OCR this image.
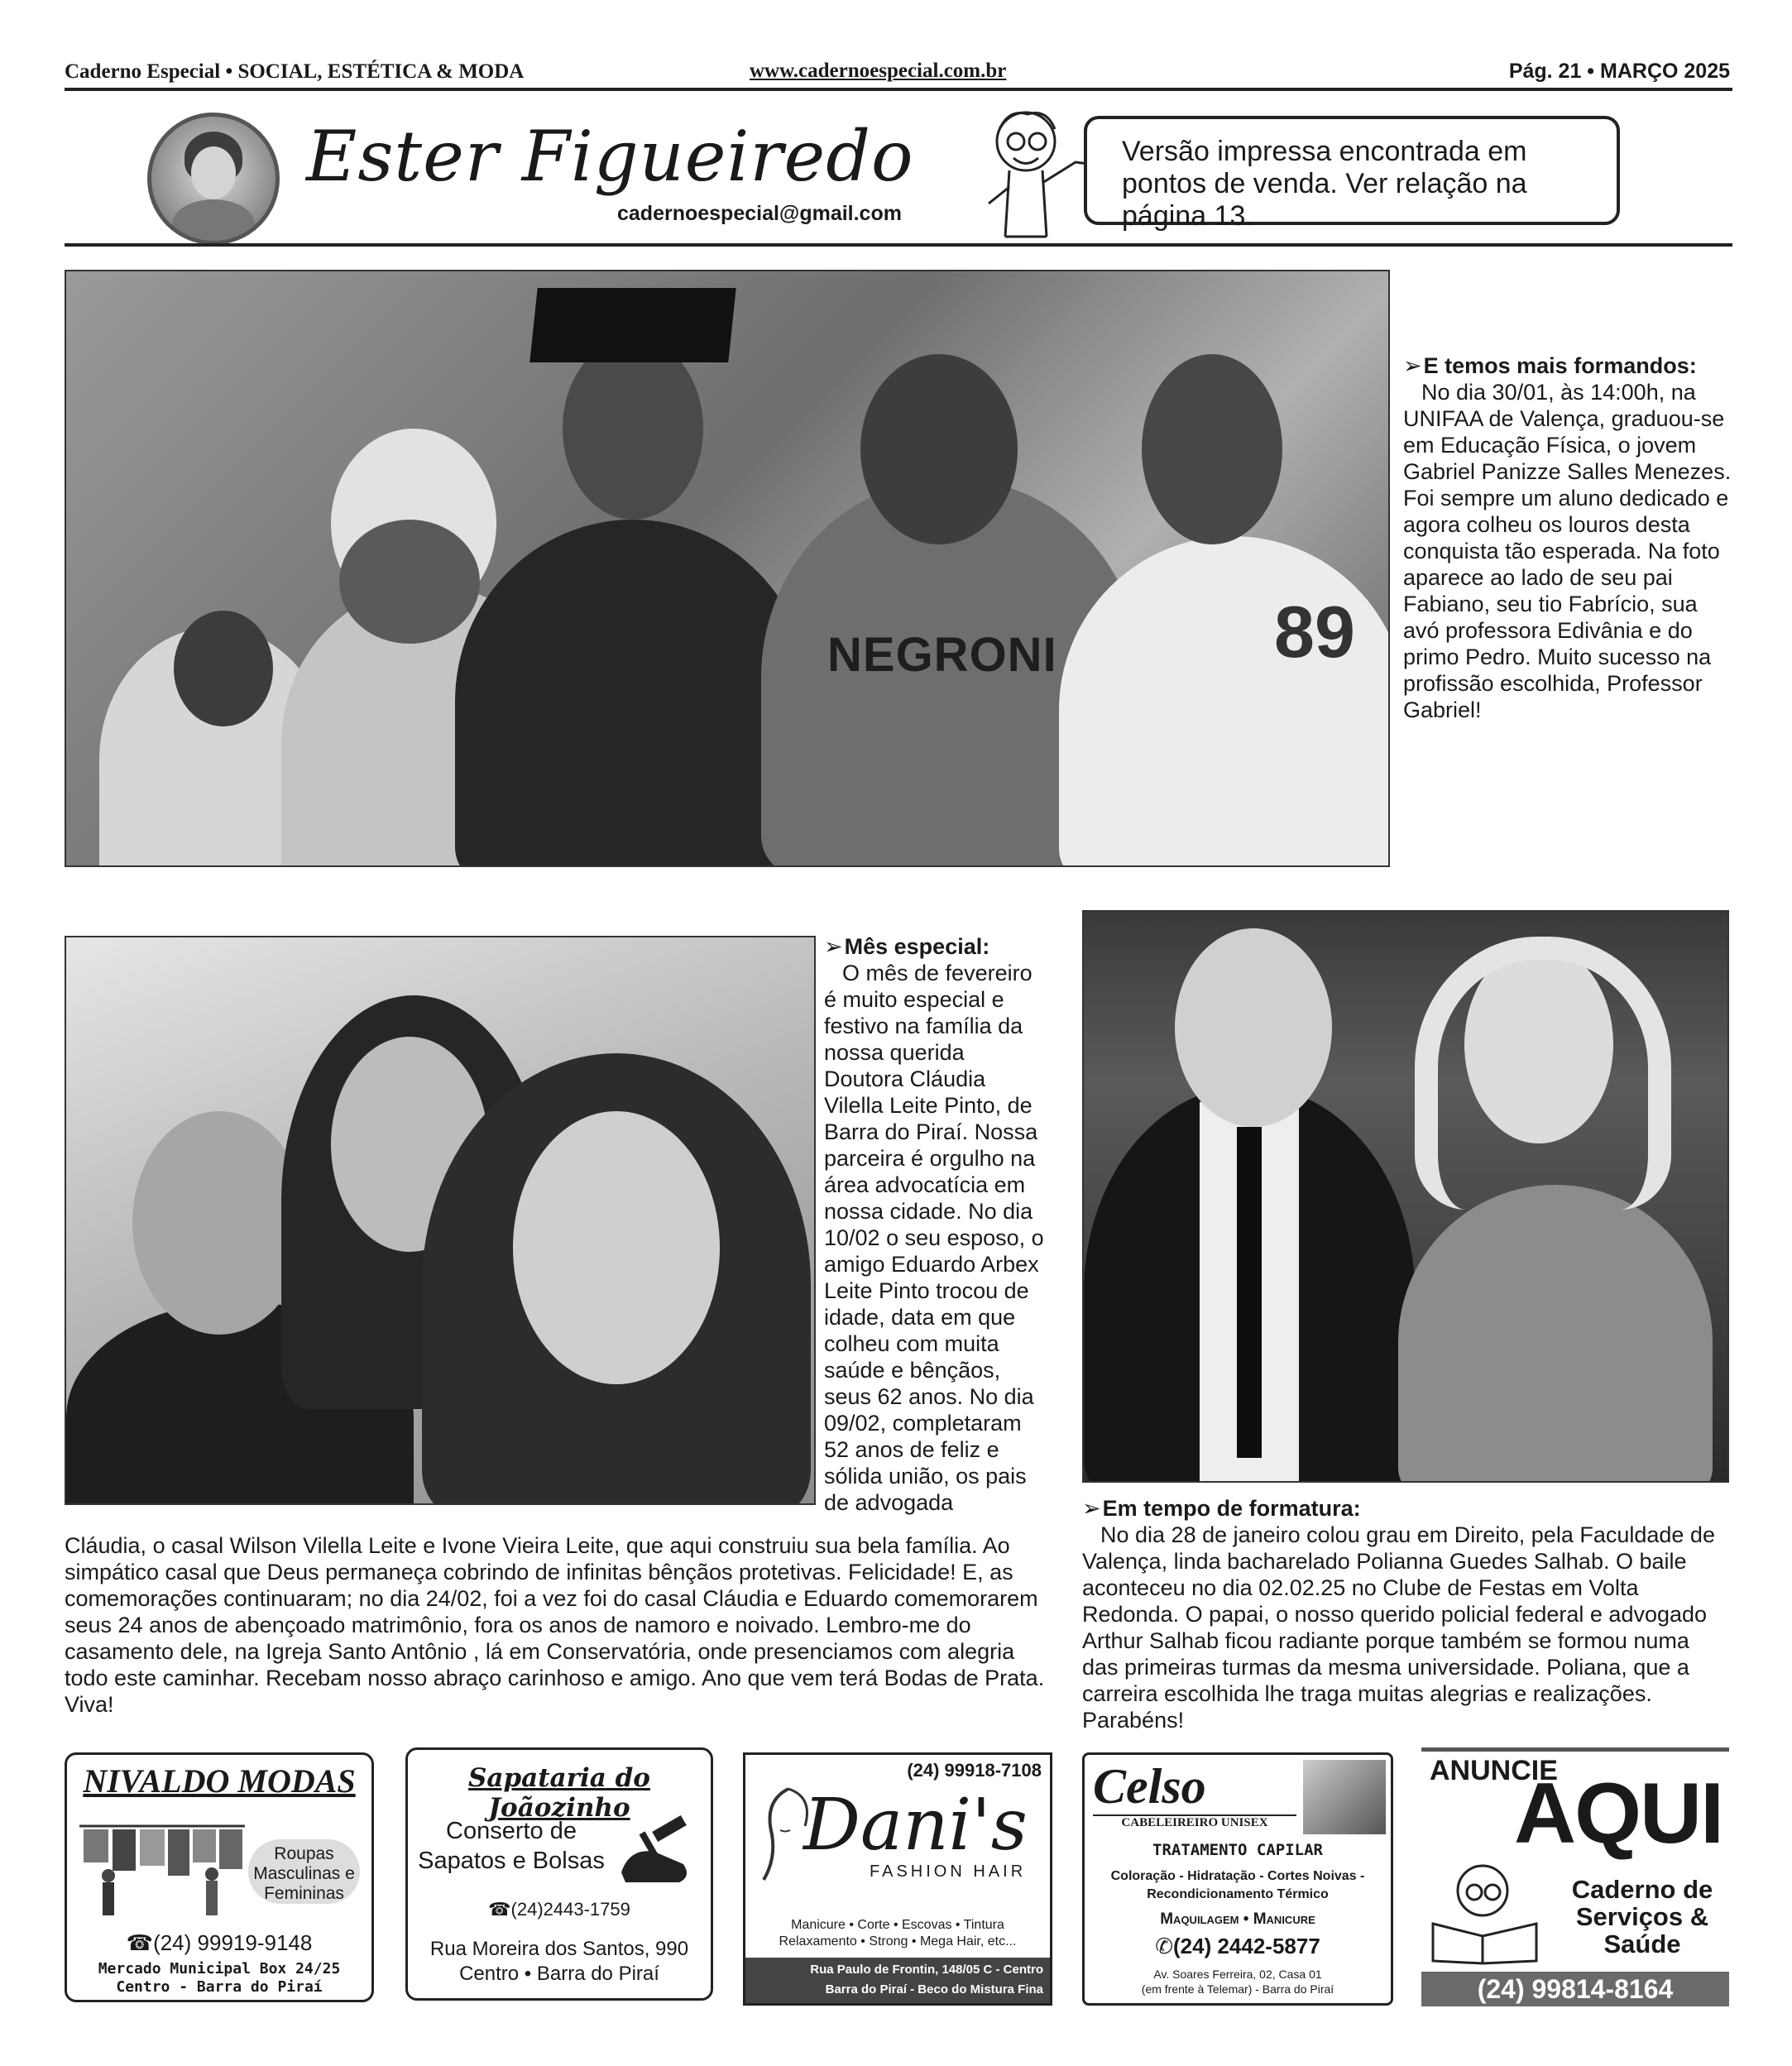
Caderno Especial • SOCIAL, ESTÉTICA & MODA	www.cadernoespecial.com.br	Pág. 21 • MARÇO 2025
Ester Figueiredo
cadernoespecial@gmail.com
Versão impressa encontrada em pontos de venda. Ver relação na página 13.
NEGRONI	89
➢ E temos mais formandos:
No dia 30/01, às 14:00h, na UNIFAA de Valença, graduou-se em Educação Física, o jovem Gabriel Panizze Salles Menezes. Foi sempre um aluno dedicado e agora colheu os louros desta conquista tão esperada. Na foto aparece ao lado de seu pai Fabiano, seu tio Fabrício, sua avó professora Edivânia e do primo Pedro. Muito sucesso na profissão escolhida, Professor Gabriel!
➢ Mês especial:
O mês de fevereiro é muito especial e festivo na família da nossa querida Doutora Cláudia Vilella Leite Pinto, de Barra do Piraí. Nossa parceira é orgulho na área advocatícia em nossa cidade. No dia 10/02 o seu esposo, o amigo Eduardo Arbex Leite Pinto trocou de idade, data em que colheu com muita saúde e bênçãos, seus 62 anos. No dia 09/02, completaram 52 anos de feliz e sólida união, os pais de advogada
Cláudia, o casal Wilson Vilella Leite e Ivone Vieira Leite, que aqui construiu sua bela família. Ao simpático casal que Deus permaneça cobrindo de infinitas bênçãos protetivas. Felicidade! E, as comemorações continuaram; no dia 24/02, foi a vez foi do casal Cláudia e Eduardo comemorarem seus 24 anos de abençoado matrimônio, fora os anos de namoro e noivado. Lembro-me do casamento dele, na Igreja Santo Antônio , lá em Conservatória, onde presenciamos com alegria todo este caminhar. Recebam nosso abraço carinhoso e amigo. Ano que vem terá Bodas de Prata. Viva!
➢ Em tempo de formatura:
No dia 28 de janeiro colou grau em Direito, pela Faculdade de Valença, linda bacharelado Polianna Guedes Salhab. O baile aconteceu no dia 02.02.25 no Clube de Festas em Volta Redonda. O papai, o nosso querido policial federal e advogado Arthur Salhab ficou radiante porque também se formou numa das primeiras turmas da mesma universidade. Poliana, que a carreira escolhida lhe traga muitas alegrias e realizações. Parabéns!
NIVALDO MODAS
Roupas Masculinas e Femininas
☎(24) 99919-9148
Mercado Municipal Box 24/25
Centro - Barra do Piraí
Sapataria do Joãozinho
Conserto de Sapatos e Bolsas
☎(24)2443-1759
Rua Moreira dos Santos, 990
Centro • Barra do Piraí
(24) 99918-7108
Dani's
FASHION HAIR
Manicure • Corte • Escovas • Tintura Relaxamento • Strong • Mega Hair, etc...
Rua Paulo de Frontin, 148/05 C - Centro
Barra do Piraí - Beco do Mistura Fina
Celso
CABELEIREIRO UNISEX
TRATAMENTO CAPILAR
Coloração - Hidratação - Cortes Noivas - Recondicionamento Térmico
Maquilagem • Manicure
✆(24) 2442-5877
Av. Soares Ferreira, 02, Casa 01
(em frente à Telemar) - Barra do Piraí
ANUNCIE
AQUI
Caderno de Serviços & Saúde
(24) 99814-8164
